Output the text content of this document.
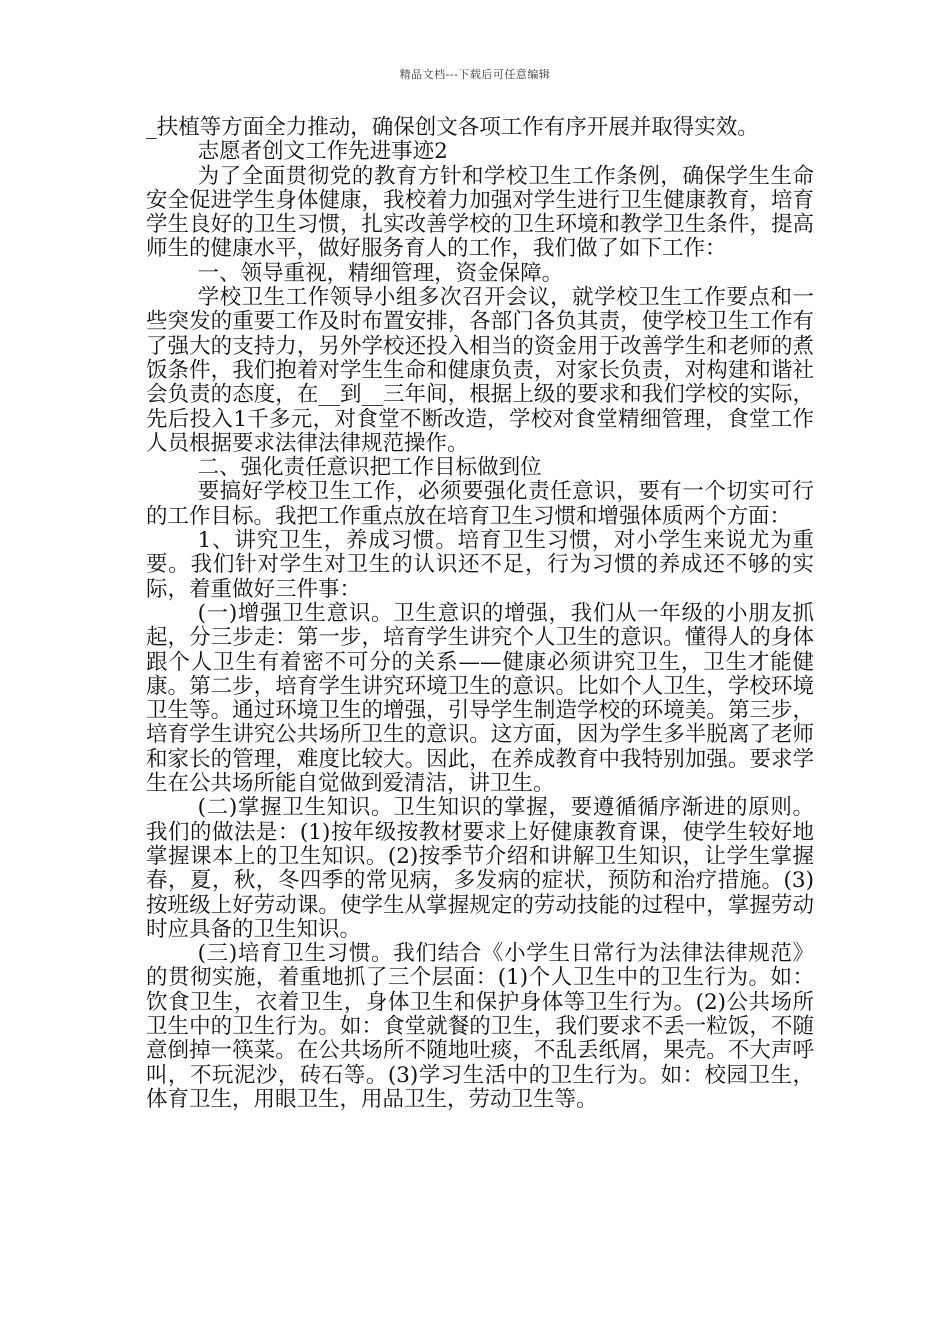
精品文档---下载后可任意编辑

_扶植等方面全力推动，确保创文各项工作有序开展并取得实效。

志愿者创文工作先进事迹2

为了全面贯彻党的教育方针和学校卫生工作条例，确保学生生命安全促进学生身体健康，我校着力加强对学生进行卫生健康教育，培育学生良好的卫生习惯，扎实改善学校的卫生环境和教学卫生条件，提高师生的健康水平，做好服务育人的工作，我们做了如下工作：

一、领导重视，精细管理，资金保障。

学校卫生工作领导小组多次召开会议，就学校卫生工作要点和一些突发的重要工作及时布置安排，各部门各负其责，使学校卫生工作有了强大的支持力，另外学校还投入相当的资金用于改善学生和老师的煮饭条件，我们抱着对学生生命和健康负责，对家长负责，对构建和谐社会负责的态度，在__到__三年间，根据上级的要求和我们学校的实际，先后投入1千多元，对食堂不断改造，学校对食堂精细管理，食堂工作人员根据要求法律法律规范操作。

二、强化责任意识把工作目标做到位

要搞好学校卫生工作，必须要强化责任意识，要有一个切实可行的工作目标。我把工作重点放在培育卫生习惯和增强体质两个方面：

1、讲究卫生，养成习惯。培育卫生习惯，对小学生来说尤为重要。我们针对学生对卫生的认识还不足，行为习惯的养成还不够的实际，着重做好三件事：

(一)增强卫生意识。卫生意识的增强，我们从一年级的小朋友抓起，分三步走：第一步，培育学生讲究个人卫生的意识。懂得人的身体跟个人卫生有着密不可分的关系——健康必须讲究卫生，卫生才能健康。第二步，培育学生讲究环境卫生的意识。比如个人卫生，学校环境卫生等。通过环境卫生的增强，引导学生制造学校的环境美。第三步，培育学生讲究公共场所卫生的意识。这方面，因为学生多半脱离了老师和家长的管理，难度比较大。因此，在养成教育中我特别加强。要求学生在公共场所能自觉做到爱清洁，讲卫生。

(二)掌握卫生知识。卫生知识的掌握，要遵循循序渐进的原则。我们的做法是：(1)按年级按教材要求上好健康教育课，使学生较好地掌握课本上的卫生知识。(2)按季节介绍和讲解卫生知识，让学生掌握春，夏，秋，冬四季的常见病，多发病的症状，预防和治疗措施。(3)按班级上好劳动课。使学生从掌握规定的劳动技能的过程中，掌握劳动时应具备的卫生知识。

(三)培育卫生习惯。我们结合《小学生日常行为法律法律规范》的贯彻实施，着重地抓了三个层面：(1)个人卫生中的卫生行为。如：饮食卫生，衣着卫生，身体卫生和保护身体等卫生行为。(2)公共场所卫生中的卫生行为。如：食堂就餐的卫生，我们要求不丢一粒饭，不随意倒掉一筷菜。在公共场所不随地吐痰，不乱丢纸屑，果壳。不大声呼叫，不玩泥沙，砖石等。(3)学习生活中的卫生行为。如：校园卫生，体育卫生，用眼卫生，用品卫生，劳动卫生等。
